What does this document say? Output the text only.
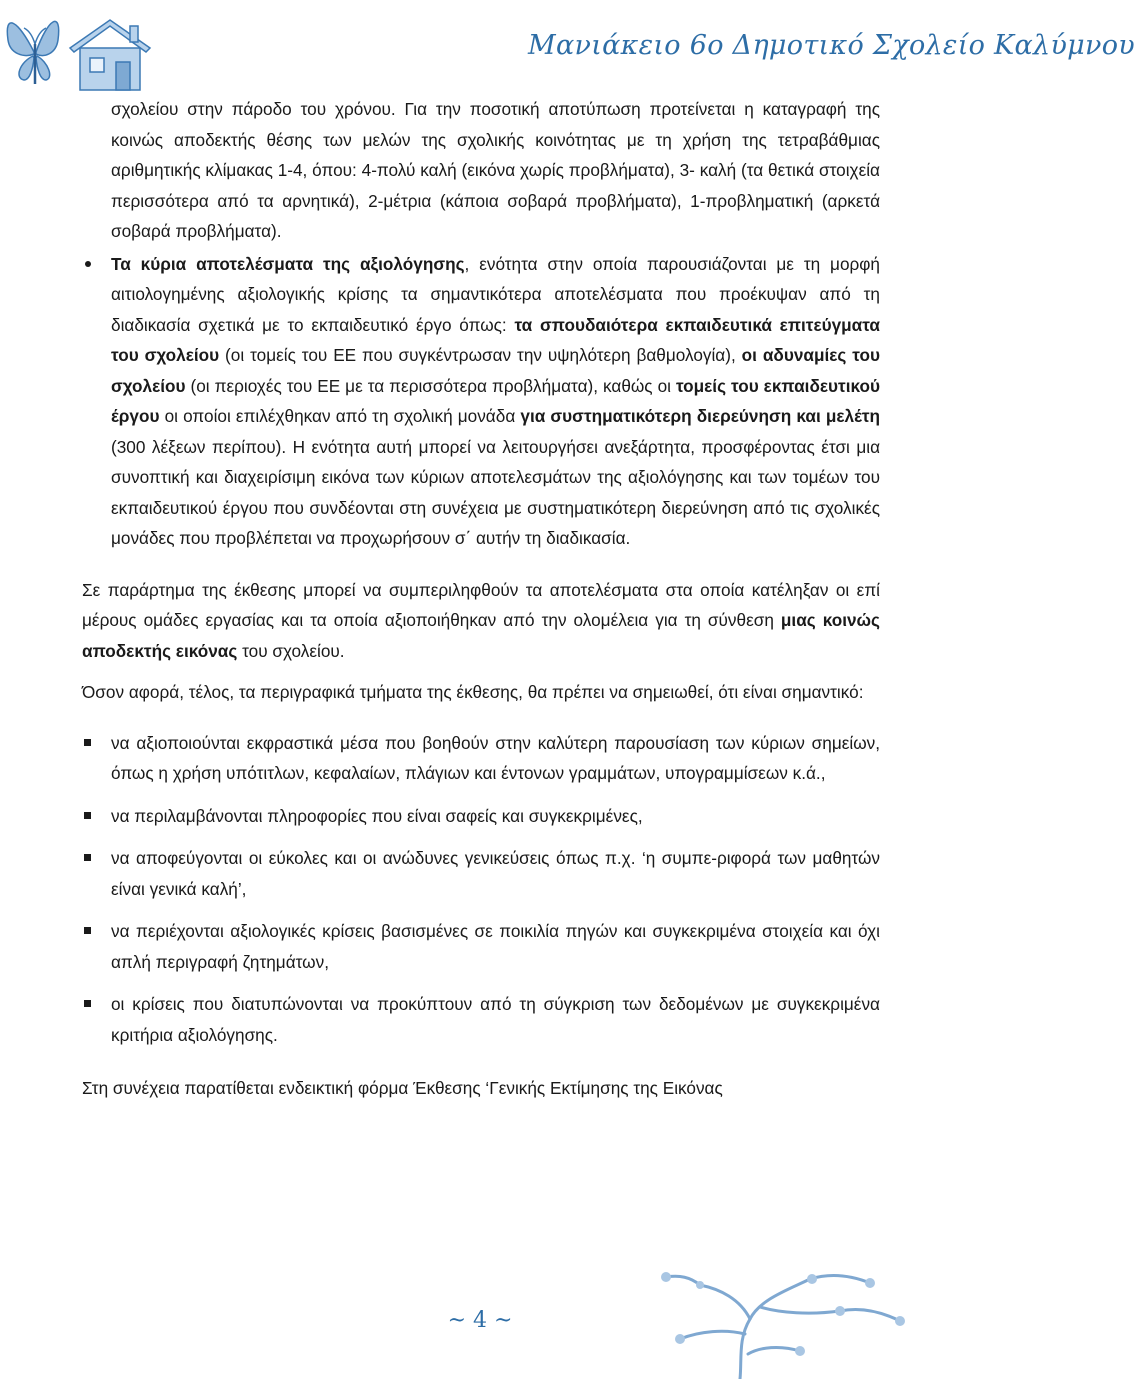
Μανιάκειο 6ο Δημοτικό Σχολείο Καλύμνου

σχολείου στην πάροδο του χρόνου. Για την ποσοτική αποτύπωση προτείνεται η καταγραφή της κοινώς αποδεκτής θέσης των μελών της σχολικής κοινότητας με τη χρήση της τετραβάθμιας αριθμητικής κλίμακας 1-4, όπου: 4-πολύ καλή (εικόνα χωρίς προβλήματα), 3- καλή (τα θετικά στοιχεία περισσότερα από τα αρνητικά), 2-μέτρια (κάποια σοβαρά προβλήματα), 1-προβληματική (αρκετά σοβαρά προβλήματα).

Τα κύρια αποτελέσματα της αξιολόγησης, ενότητα στην οποία παρουσιάζονται με τη μορφή αιτιολογημένης αξιολογικής κρίσης τα σημαντικότερα αποτελέσματα που προέκυψαν από τη διαδικασία σχετικά με το εκπαιδευτικό έργο όπως: τα σπουδαιότερα εκπαιδευτικά επιτεύγματα του σχολείου (οι τομείς του ΕΕ που συγκέντρωσαν την υψηλότερη βαθμολογία), οι αδυναμίες του σχολείου (οι περιοχές του ΕΕ με τα περισσότερα προβλήματα), καθώς οι τομείς του εκπαιδευτικού έργου οι οποίοι επιλέχθηκαν από τη σχολική μονάδα για συστηματικότερη διερεύνηση και μελέτη (300 λέξεων περίπου). Η ενότητα αυτή μπορεί να λειτουργήσει ανεξάρτητα, προσφέροντας έτσι μια συνοπτική και διαχειρίσιμη εικόνα των κύριων αποτελεσμάτων της αξιολόγησης και των τομέων του εκπαιδευτικού έργου που συνδέονται στη συνέχεια με συστηματικότερη διερεύνηση από τις σχολικές μονάδες που προβλέπεται να προχωρήσουν σ΄ αυτήν τη διαδικασία.

Σε παράρτημα της έκθεσης μπορεί να συμπεριληφθούν τα αποτελέσματα στα οποία κατέληξαν οι επί μέρους ομάδες εργασίας και τα οποία αξιοποιήθηκαν από την ολομέλεια για τη σύνθεση μιας κοινώς αποδεκτής εικόνας του σχολείου.

Όσον αφορά, τέλος, τα περιγραφικά τμήματα της έκθεσης, θα πρέπει να σημειωθεί, ότι είναι σημαντικό:

να αξιοποιούνται εκφραστικά μέσα που βοηθούν στην καλύτερη παρουσίαση των κύριων σημείων, όπως η χρήση υπότιτλων, κεφαλαίων, πλάγιων και έντονων γραμμάτων, υπογραμμίσεων κ.ά.,

να περιλαμβάνονται πληροφορίες που είναι σαφείς και συγκεκριμένες,

να αποφεύγονται οι εύκολες και οι ανώδυνες γενικεύσεις όπως π.χ. ‘η συμπε-ριφορά των μαθητών είναι γενικά καλή’,

να περιέχονται αξιολογικές κρίσεις βασισμένες σε ποικιλία πηγών και συγκεκριμένα στοιχεία και όχι απλή περιγραφή ζητημάτων,

οι κρίσεις που διατυπώνονται να προκύπτουν από τη σύγκριση των δεδομένων με συγκεκριμένα κριτήρια αξιολόγησης.

Στη συνέχεια παρατίθεται ενδεικτική φόρμα Έκθεσης ‘Γενικής Εκτίμησης της Εικόνας

~ 4 ~
